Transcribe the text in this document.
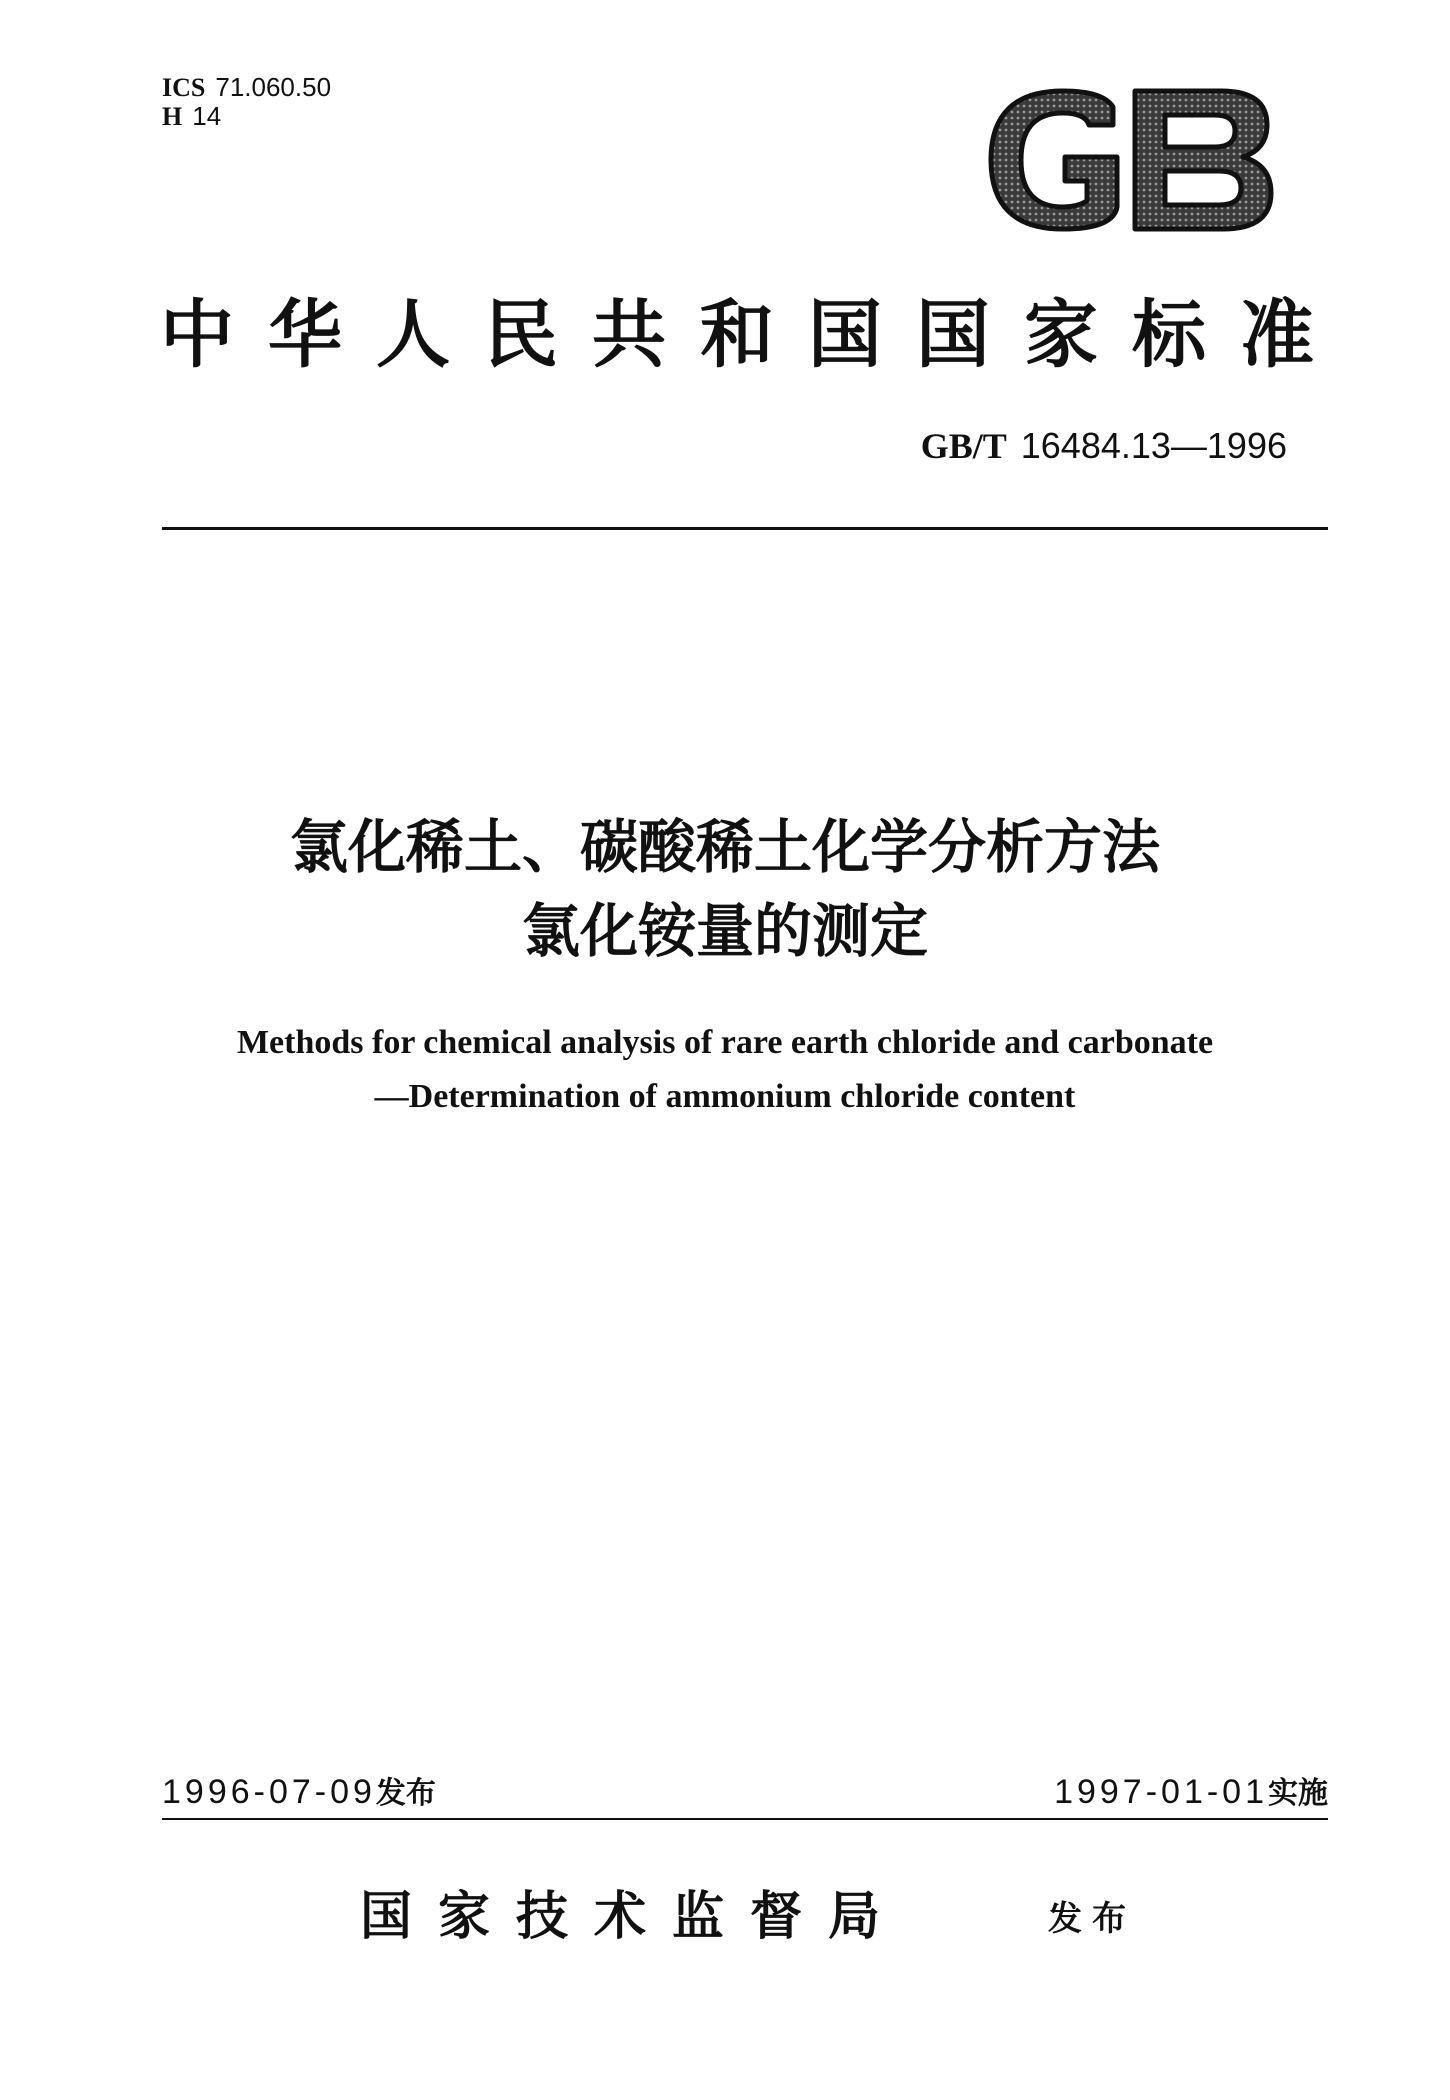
ICS 71.060.50
H 14
中华人民共和国国家标准
GB/T 16484.13—1996
氯化稀土、碳酸稀土化学分析方法
氯化铵量的测定
Methods for chemical analysis of rare earth chloride and carbonate
—Determination of ammonium chloride content
1996-07-09发布	1997-01-01实施
国家技术监督局	发布
